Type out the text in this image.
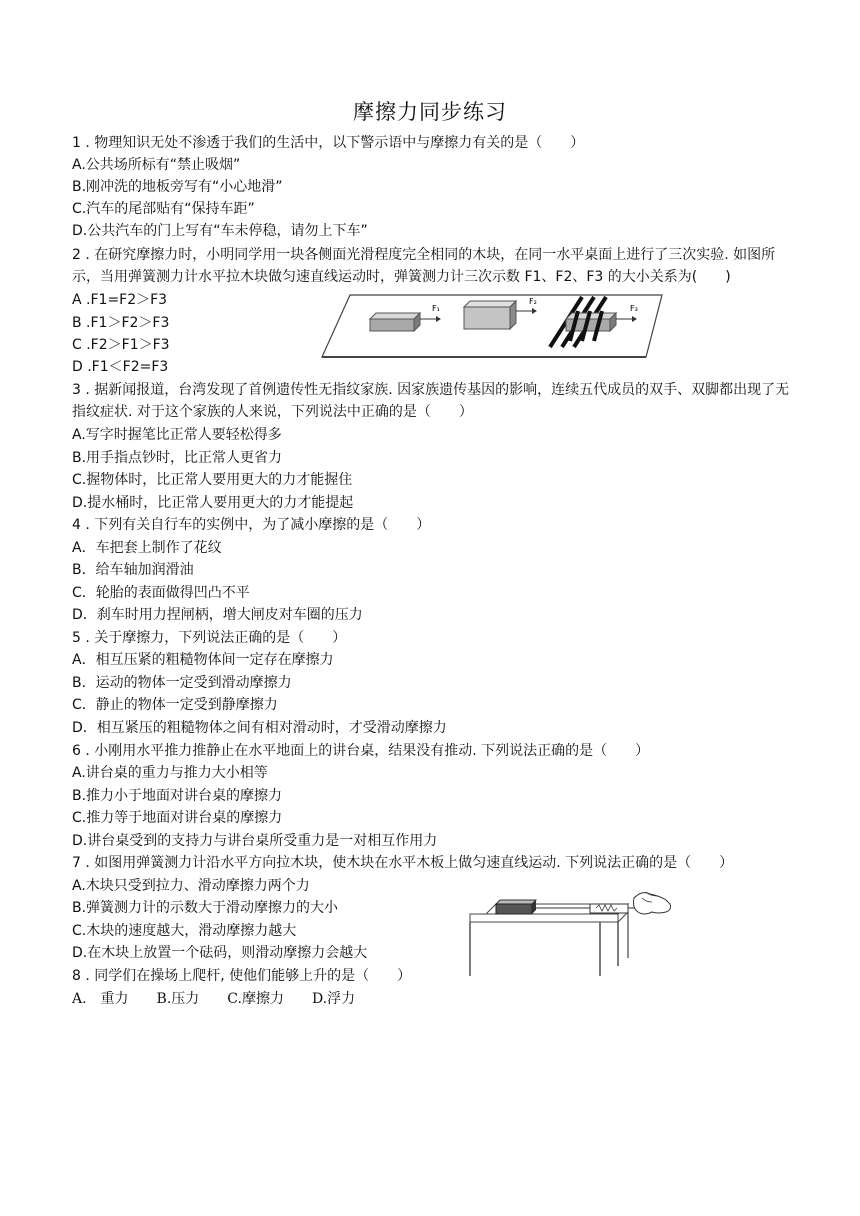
摩擦力同步练习
1 . 物理知识无处不渗透于我们的生活中，以下警示语中与摩擦力有关的是（　　）
A.公共场所标有“禁止吸烟”
B.刚冲洗的地板旁写有“小心地滑”
C.汽车的尾部贴有“保持车距”
D.公共汽车的门上写有“车未停稳，请勿上下车”
2 . 在研究摩擦力时，小明同学用一块各侧面光滑程度完全相同的木块，在同一水平桌面上进行了三次实验. 如图所示，当用弹簧测力计水平拉木块做匀速直线运动时，弹簧测力计三次示数 F1、F2、F3 的大小关系为(　　)
A .F1=F2＞F3
B .F1＞F2＞F3
C .F2＞F1＞F3
D .F1＜F2=F3
F₁
F₂
F₃
3 . 据新闻报道，台湾发现了首例遗传性无指纹家族. 因家族遗传基因的影响，连续五代成员的双手、双脚都出现了无指纹症状. 对于这个家族的人来说，下列说法中正确的是（　　）
A.写字时握笔比正常人要轻松得多
B.用手指点钞时，比正常人更省力
C.握物体时，比正常人要用更大的力才能握住
D.提水桶时，比正常人要用更大的力才能提起
4 . 下列有关自行车的实例中，为了减小摩擦的是（　　）
A．车把套上制作了花纹
B．给车轴加润滑油
C．轮胎的表面做得凹凸不平
D．刹车时用力捏闸柄，增大闸皮对车圈的压力
5 . 关于摩擦力，下列说法正确的是（　　）
A．相互压紧的粗糙物体间一定存在摩擦力
B．运动的物体一定受到滑动摩擦力
C．静止的物体一定受到静摩擦力
D．相互紧压的粗糙物体之间有相对滑动时，才受滑动摩擦力
6 . 小刚用水平推力推静止在水平地面上的讲台桌，结果没有推动. 下列说法正确的是（　　）
A.讲台桌的重力与推力大小相等
B.推力小于地面对讲台桌的摩擦力
C.推力等于地面对讲台桌的摩擦力
D.讲台桌受到的支持力与讲台桌所受重力是一对相互作用力
7 . 如图用弹簧测力计沿水平方向拉木块，使木块在水平木板上做匀速直线运动. 下列说法正确的是（　　）
A.木块只受到拉力、滑动摩擦力两个力
B.弹簧测力计的示数大于滑动摩擦力的大小
C.木块的速度越大，滑动摩擦力越大
D.在木块上放置一个砝码，则滑动摩擦力会越大
8 . 同学们在操场上爬杆, 使他们能够上升的是（　　）
A.　重力　　B.压力　　C.摩擦力　　D.浮力
